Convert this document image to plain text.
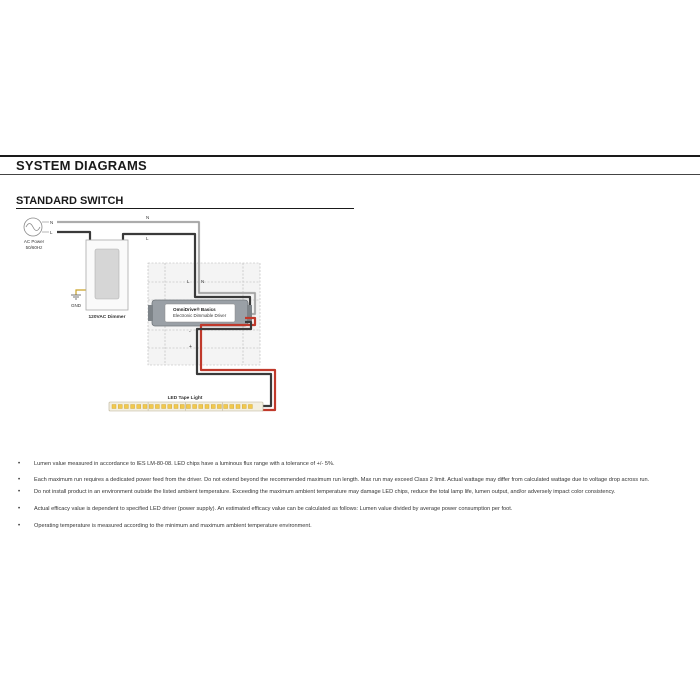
SYSTEM DIAGRAMS
STANDARD SWITCH
N
L
AC Power
50/60Hz
GND
120VAC Dimmer
N
L
L	N
OmniDrive® Basics
Electronic Dimmable Driver
+
-
LED Tape Light
• Lumen value measured in accordance to IES LM-80-08. LED chips have a luminous flux range with a tolerance of +/- 5%.
• Each maximum run requires a dedicated power feed from the driver. Do not extend beyond the recommended maximum run length. Max run may exceed Class 2 limit. Actual wattage may differ from calculated wattage due to voltage drop across run.
• Do not install product in an environment outside the listed ambient temperature. Exceeding the maximum ambient temperature may damage LED chips, reduce the total lamp life, lumen output, and/or adversely impact color consistency.
• Actual efficacy value is dependent to specified LED driver (power supply). An estimated efficacy value can be calculated as follows: Lumen value divided by average power consumption per foot.
• Operating temperature is measured according to the minimum and maximum ambient temperature environment.
